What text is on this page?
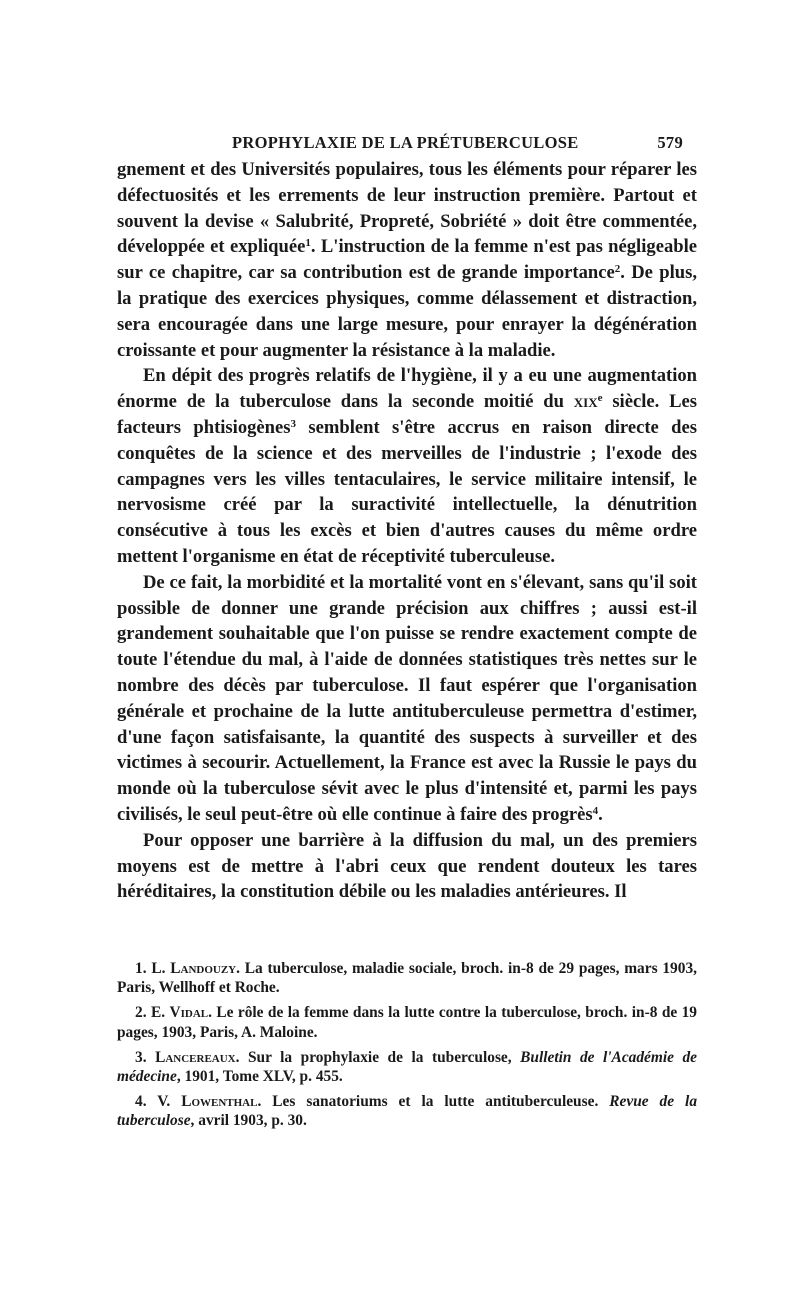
PROPHYLAXIE DE LA PRÉTUBERCULOSE	579

gnement et des Universités populaires, tous les éléments pour réparer les défectuosités et les errements de leur instruction première. Partout et souvent la devise « Salubrité, Propreté, Sobriété » doit être commentée, développée et expliquée$^1$. L'instruction de la femme n'est pas négligeable sur ce chapitre, car sa contribution est de grande importance$^2$. De plus, la pratique des exercices physiques, comme délassement et distraction, sera encouragée dans une large mesure, pour enrayer la dégénération croissante et pour augmenter la résistance à la maladie.

En dépit des progrès relatifs de l'hygiène, il y a eu une augmentation énorme de la tuberculose dans la seconde moitié du xix$^e$ siècle. Les facteurs phtisiogènes$^3$ semblent s'être accrus en raison directe des conquêtes de la science et des merveilles de l'industrie ; l'exode des campagnes vers les villes tentaculaires, le service militaire intensif, le nervosisme créé par la suractivité intellectuelle, la dénutrition consécutive à tous les excès et bien d'autres causes du même ordre mettent l'organisme en état de réceptivité tuberculeuse.

De ce fait, la morbidité et la mortalité vont en s'élevant, sans qu'il soit possible de donner une grande précision aux chiffres ; aussi est-il grandement souhaitable que l'on puisse se rendre exactement compte de toute l'étendue du mal, à l'aide de données statistiques très nettes sur le nombre des décès par tuberculose. Il faut espérer que l'organisation générale et prochaine de la lutte antituberculeuse permettra d'estimer, d'une façon satisfaisante, la quantité des suspects à surveiller et des victimes à secourir. Actuellement, la France est avec la Russie le pays du monde où la tuberculose sévit avec le plus d'intensité et, parmi les pays civilisés, le seul peut-être où elle continue à faire des progrès$^4$.

Pour opposer une barrière à la diffusion du mal, un des premiers moyens est de mettre à l'abri ceux que rendent douteux les tares héréditaires, la constitution débile ou les maladies antérieures. Il

1. L. Landouzy. La tuberculose, maladie sociale, broch. in-8 de 29 pages, mars 1903, Paris, Wellhoff et Roche.

2. E. Vidal. Le rôle de la femme dans la lutte contre la tuberculose, broch. in-8 de 19 pages, 1903, Paris, A. Maloine.

3. Lancereaux. Sur la prophylaxie de la tuberculose, Bulletin de l'Académie de médecine, 1901, Tome XLV, p. 455.

4. V. Lowenthal. Les sanatoriums et la lutte antituberculeuse. Revue de la tuberculose, avril 1903, p. 30.
